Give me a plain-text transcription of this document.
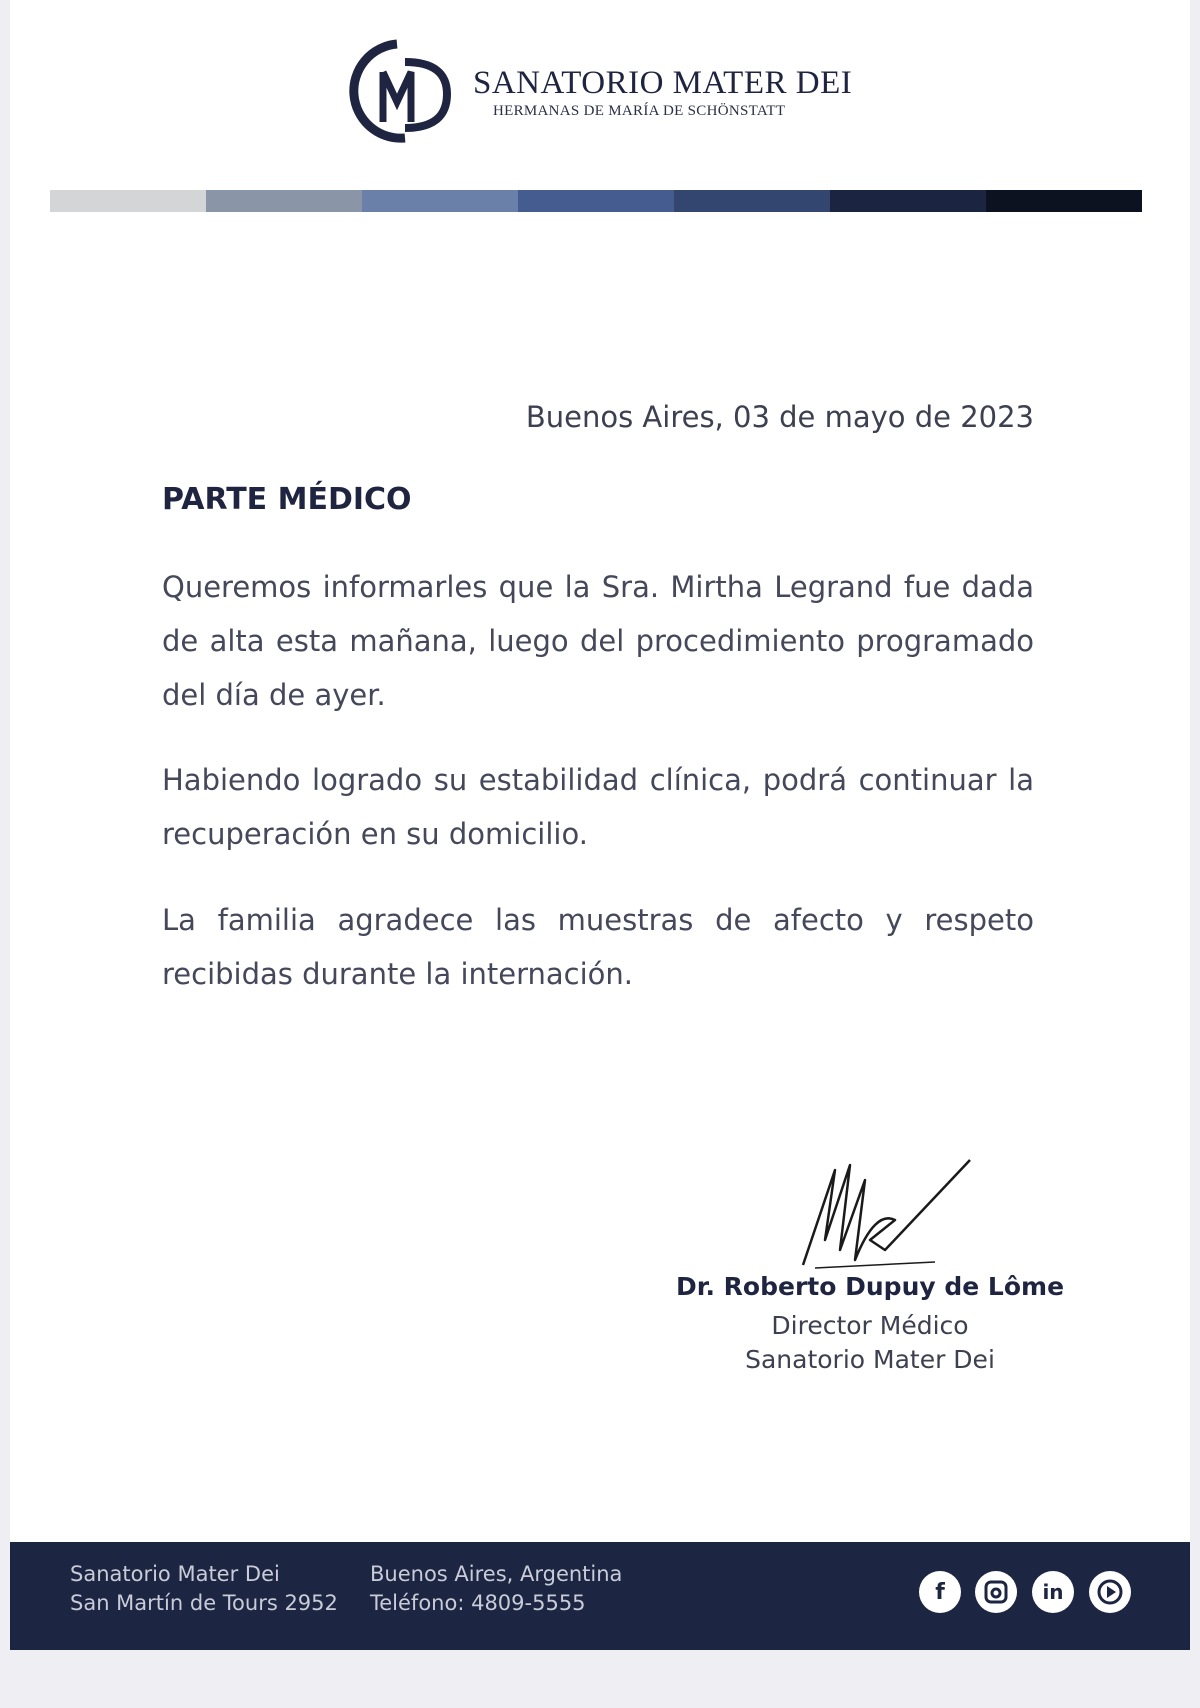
SANATORIO MATER DEI
HERMANAS DE MARÍA DE SCHÖNSTATT
Buenos Aires, 03 de mayo de 2023
PARTE MÉDICO
Queremos informarles que la Sra. Mirtha Legrand fue dada de alta esta mañana, luego del procedimiento programado del día de ayer.
Habiendo logrado su estabilidad clínica, podrá continuar la recuperación en su domicilio.
La familia agradece las muestras de afecto y respeto recibidas durante la internación.
Dr. Roberto Dupuy de Lôme
Director Médico
Sanatorio Mater Dei
Sanatorio Mater Dei
San Martín de Tours 2952
Buenos Aires, Argentina
Teléfono: 4809-5555	f	in
